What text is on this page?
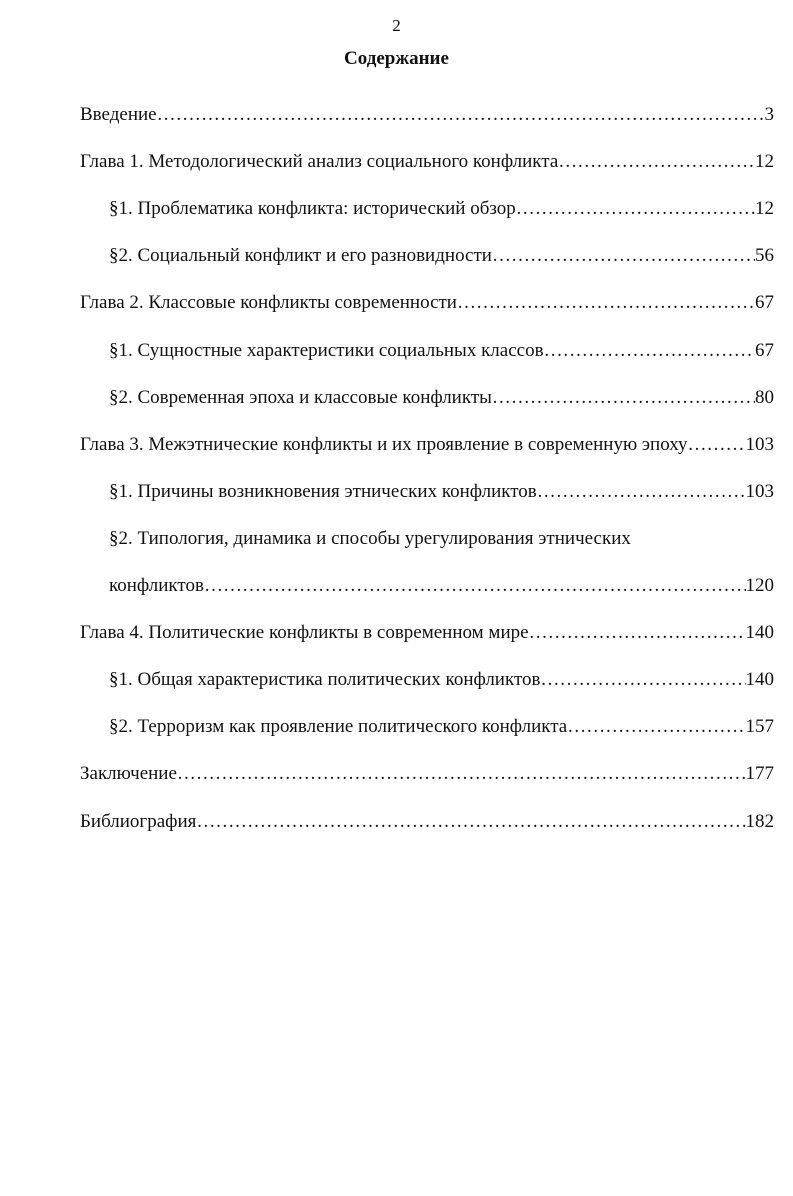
2
Содержание
Введение ……………………………………………………………………………………………………………………………………………………………………	3
Глава 1. Методологический анализ социального конфликта ……………………………………………………………………………………………………………………………………………………………………	12
§1. Проблематика конфликта: исторический обзор ……………………………………………………………………………………………………………………………………………………………………	12
§2. Социальный конфликт и его разновидности ……………………………………………………………………………………………………………………………………………………………………	56
Глава 2. Классовые конфликты современности ……………………………………………………………………………………………………………………………………………………………………	67
§1. Сущностные характеристики социальных классов ……………………………………………………………………………………………………………………………………………………………………	67
§2. Современная эпоха и классовые конфликты ……………………………………………………………………………………………………………………………………………………………………	80
Глава 3. Межэтнические конфликты и их проявление в современную эпоху ……………………………………………………………………………………………………………………………………………………………………	103
§1. Причины возникновения этнических конфликтов ……………………………………………………………………………………………………………………………………………………………………	103
§2. Типология, динамика и способы урегулирования этнических
конфликтов ……………………………………………………………………………………………………………………………………………………………………	120
Глава 4. Политические конфликты в современном мире ……………………………………………………………………………………………………………………………………………………………………	140
§1. Общая характеристика политических конфликтов ……………………………………………………………………………………………………………………………………………………………………	140
§2. Терроризм как проявление политического конфликта ……………………………………………………………………………………………………………………………………………………………………	157
Заключение ……………………………………………………………………………………………………………………………………………………………………	177
Библиография ……………………………………………………………………………………………………………………………………………………………………	182
